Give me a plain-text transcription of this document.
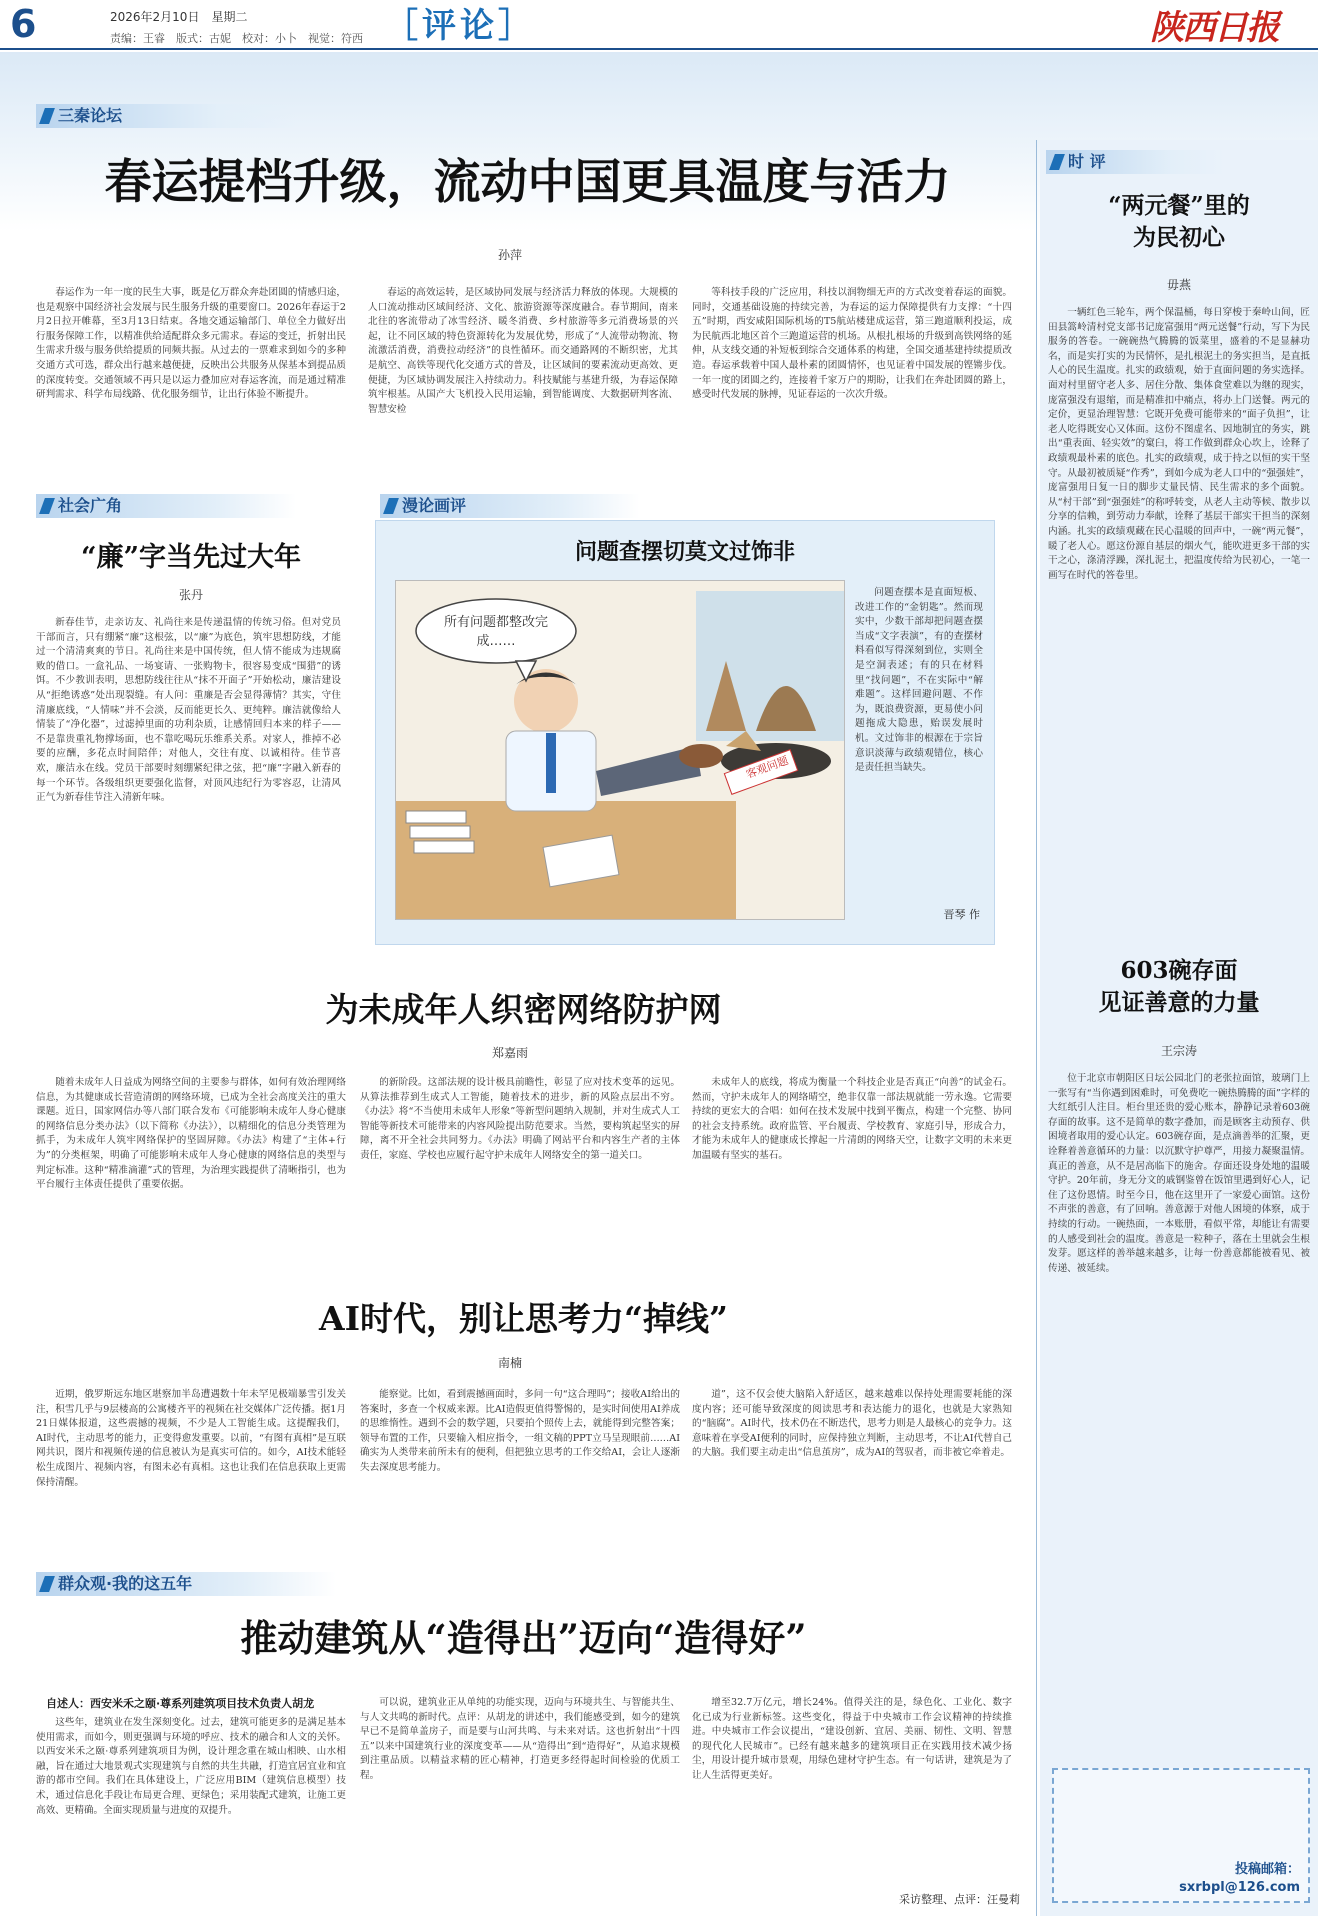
6	2026年2月10日　星期二
责编：王睿　版式：古妮　校对：小卜　视觉：符西 ［评论］	陕西日报
三秦论坛
春运提档升级，流动中国更具温度与活力
孙萍
春运作为一年一度的民生大事，既是亿万群众奔赴团圆的情感归途，也是观察中国经济社会发展与民生服务升级的重要窗口。2026年春运于2月2日拉开帷幕，至3月13日结束。各地交通运输部门、单位全力做好出行服务保障工作，以精准供给适配群众多元需求。春运的变迁，折射出民生需求升级与服务供给提质的同频共振。从过去的一票难求到如今的多种交通方式可选，群众出行越来越便捷，反映出公共服务从保基本到提品质的深度转变。交通领域不再只是以运力叠加应对春运客流，而是通过精准研判需求、科学布局线路、优化服务细节，让出行体验不断提升。
春运的高效运转，是区域协同发展与经济活力释放的体现。大规模的人口流动推动区域间经济、文化、旅游资源等深度融合。春节期间，南来北往的客流带动了冰雪经济、暖冬消费、乡村旅游等多元消费场景的兴起，让不同区域的特色资源转化为发展优势，形成了“人流带动物流、物流激活消费，消费拉动经济”的良性循环。而交通路网的不断织密，尤其是航空、高铁等现代化交通方式的普及，让区域间的要素流动更高效、更便捷，为区域协调发展注入持续动力。科技赋能与基建升级，为春运保障筑牢根基。从国产大飞机投入民用运输，到智能调度、大数据研判客流、智慧安检
等科技手段的广泛应用，科技以润物细无声的方式改变着春运的面貌。同时，交通基础设施的持续完善，为春运的运力保障提供有力支撑：“十四五”时期，西安咸阳国际机场的T5航站楼建成运营，第三跑道顺利投运，成为民航西北地区首个三跑道运营的机场。从根扎根场的升级到高铁网络的延伸，从支线交通的补短板到综合交通体系的构建，全国交通基建持续提质改造。春运承载着中国人最朴素的团圆情怀，也见证着中国发展的铿锵步伐。一年一度的团圆之约，连接着千家万户的期盼，让我们在奔赴团圆的路上，感受时代发展的脉搏，见证春运的一次次升级。
社会广角
“廉”字当先过大年
张丹
新春佳节，走亲访友、礼尚往来是传递温情的传统习俗。但对党员干部而言，只有绷紧“廉”这根弦，以“廉”为底色，筑牢思想防线，才能过一个清清爽爽的节日。礼尚往来是中国传统，但人情不能成为违规腐败的借口。一盒礼品、一场宴请、一张购物卡，很容易变成“围猎”的诱饵。不少教训表明，思想防线往往从“抹不开面子”开始松动，廉洁建设从“拒绝诱惑”处出现裂缝。有人问：重廉是否会显得薄情？其实，守住清廉底线，“人情味”并不会淡，反而能更长久、更纯粹。廉洁就像给人情装了“净化器”，过滤掉里面的功利杂质，让感情回归本来的样子——不是靠贵重礼物撑场面，也不靠吃喝玩乐维系关系。对家人，推掉不必要的应酬，多花点时间陪伴；对他人，交往有度、以诚相待。佳节喜欢，廉洁永在线。党员干部要时刻绷紧纪律之弦，把“廉”字融入新春的每一个环节。各级组织更要强化监督，对顶风违纪行为零容忍，让清风正气为新春佳节注入清新年味。
漫论画评
问题查摆切莫文过饰非
所有问题都整改完成……
客观问题
问题查摆本是直面短板、改进工作的“金钥匙”。然而现实中，少数干部却把问题查摆当成“文字表演”，有的查摆材料看似写得深刻到位，实则全是空洞表述；有的只在材料里“找问题”，不在实际中“解难题”。这样回避问题、不作为，既浪费资源，更易使小问题拖成大隐患，贻误发展时机。文过饰非的根源在于宗旨意识淡薄与政绩观错位，核心是责任担当缺失。
晋琴 作
为未成年人织密网络防护网
郑嘉雨
随着未成年人日益成为网络空间的主要参与群体，如何有效治理网络信息，为其健康成长营造清朗的网络环境，已成为全社会高度关注的重大课题。近日，国家网信办等八部门联合发布《可能影响未成年人身心健康的网络信息分类办法》（以下简称《办法》），以精细化的信息分类管理为抓手，为未成年人筑牢网络保护的坚固屏障。《办法》构建了“主体+行为”的分类框架，明确了可能影响未成年人身心健康的网络信息的类型与判定标准。这种“精准滴灌”式的管理，为治理实践提供了清晰指引，也为平台履行主体责任提供了重要依据。
的新阶段。这部法规的设计极具前瞻性，彰显了应对技术变革的远见。从算法推荐到生成式人工智能，随着技术的进步，新的风险点层出不穷。《办法》将“不当使用未成年人形象”等新型问题纳入规制，并对生成式人工智能等新技术可能带来的内容风险提出防范要求。当然，要构筑起坚实的屏障，离不开全社会共同努力。《办法》明确了网站平台和内容生产者的主体责任，家庭、学校也应履行起守护未成年人网络安全的第一道关口。
未成年人的底线，将成为衡量一个科技企业是否真正“向善”的试金石。然而，守护未成年人的网络晴空，绝非仅靠一部法规就能一劳永逸。它需要持续的更宏大的合唱：如何在技术发展中找到平衡点，构建一个完整、协同的社会支持系统。政府监管、平台履责、学校教育、家庭引导，形成合力，才能为未成年人的健康成长撑起一片清朗的网络天空，让数字文明的未来更加温暖有坚实的基石。
AI时代，别让思考力“掉线”
南楠
近期，俄罗斯远东地区堪察加半岛遭遇数十年未罕见极端暴雪引发关注，积雪几乎与9层楼高的公寓楼齐平的视频在社交媒体广泛传播。据1月21日媒体报道，这些震撼的视频，不少是人工智能生成。这提醒我们，AI时代，主动思考的能力，正变得愈发重要。以前，“有图有真相”是互联网共识，图片和视频传递的信息被认为是真实可信的。如今，AI技术能轻松生成图片、视频内容，有图未必有真相。这也让我们在信息获取上更需保持清醒。
能察觉。比如，看到震撼画面时，多问一句“这合理吗”；接收AI给出的答案时，多查一个权威来源。比AI造假更值得警惕的，是实时间使用AI养成的思维惰性。遇到不会的数学题，只要拍个照传上去，就能得到完整答案；领导布置的工作，只要输入相应指令，一组文稿的PPT立马呈现眼前……AI确实为人类带来前所未有的便利，但把独立思考的工作交给AI，会让人逐渐失去深度思考能力。
道”，这不仅会使大脑陷入舒适区，越来越难以保持处理需要耗能的深度内容；还可能导致深度的阅读思考和表达能力的退化，也就是大家熟知的“脑腐”。AI时代，技术仍在不断迭代，思考力则是人最核心的竞争力。这意味着在享受AI便利的同时，应保持独立判断，主动思考，不让AI代替自己的大脑。我们要主动走出“信息茧房”，成为AI的驾驭者，而非被它牵着走。
群众观·我的这五年
推动建筑从“造得出”迈向“造得好”
自述人：西安米禾之颐·尊系列建筑项目技术负责人胡龙
这些年，建筑业在发生深刻变化。过去，建筑可能更多的是满足基本使用需求，而如今，则更强调与环境的呼应、技术的融合和人文的关怀。以西安米禾之颐·尊系列建筑项目为例，设计理念重在城山相映、山水相融，旨在通过大地景观式实现建筑与自然的共生共融，打造宜居宜业和宜游的都市空间。我们在具体建设上，广泛应用BIM（建筑信息模型）技术，通过信息化手段让布局更合理、更绿色；采用装配式建筑，让施工更高效、更精确。全面实现质量与进度的双提升。
可以说，建筑业正从单纯的功能实现，迈向与环境共生、与智能共生、与人文共鸣的新时代。点评：从胡龙的讲述中，我们能感受到，如今的建筑早已不是简单盖房子，而是要与山河共鸣、与未来对话。这也折射出“十四五”以来中国建筑行业的深度变革——从“造得出”到“造得好”，从追求规模到注重品质。以精益求精的匠心精神，打造更多经得起时间检验的优质工程。
增至32.7万亿元，增长24%。值得关注的是，绿色化、工业化、数字化已成为行业新标签。这些变化，得益于中央城市工作会议精神的持续推进。中央城市工作会议提出，“建设创新、宜居、美丽、韧性、文明、智慧的现代化人民城市”。已经有越来越多的建筑项目正在实践用技术减少扬尘，用设计提升城市景观，用绿色建材守护生态。有一句话讲，建筑是为了让人生活得更美好。
采访整理、点评：汪曼莉
时 评
“两元餐”里的
为民初心
毋燕
一辆红色三轮车，两个保温桶，每日穿梭于秦岭山间，匠田县篙岭清村党支部书记庞富强用“两元送餐”行动，写下为民服务的答卷。一碗碗热气腾腾的饭菜里，盛着的不是显赫功名，而是实打实的为民情怀，是扎根泥土的务实担当，是直抵人心的民生温度。扎实的政绩观，始于直面问题的务实选择。面对村里留守老人多、居住分散、集体食堂难以为继的现实，庞富强没有退缩，而是精准扣中痛点，将办上门送餐。两元的定价，更显治理智慧：它既开免费可能带来的“面子负担”，让老人吃得既安心又体面。这份不图虚名、因地制宜的务实，跳出“重表面、轻实效”的窠臼，将工作做到群众心坎上，诠释了政绩观最朴素的底色。扎实的政绩观，成于持之以恒的实干坚守。从最初被质疑“作秀”，到如今成为老人口中的“强强娃”，庞富强用日复一日的脚步丈量民情、民生需求的多个面貌。从“村干部”到“强强娃”的称呼转变，从老人主动等候、散步以分享的信赖，到劳动力奉献，诠释了基层干部实干担当的深刻内涵。扎实的政绩观藏在民心温暖的回声中，一碗“两元餐”，暖了老人心。愿这份源自基层的烟火气，能吹进更多干部的实干之心，涤清浮躁，深扎泥土，把温度传给为民初心，一笔一画写在时代的答卷里。
603碗存面
见证善意的力量
王宗涛
位于北京市朝阳区日坛公园北门的老张拉面馆，玻璃门上一张写有“当你遇到困难时，可免费吃一碗热腾腾的面”字样的大红纸引人注目。柜台里还贵的爱心账本，静静记录着603碗存面的故事。这不是简单的数字叠加，而是顾客主动预存、供困境者取用的爱心认定。603碗存面，是点滴善举的汇聚，更诠释着善意循环的力量：以沉默守护尊严，用接力凝聚温情。真正的善意，从不是居高临下的施舍。存面还设身处地的温暖守护。20年前，身无分文的戚钢鉴曾在饭馆里遇到好心人，记住了这份恩情。时至今日，他在这里开了一家爱心面馆。这份不声张的善意，有了回响。善意源于对他人困境的体察，成于持续的行动。一碗热面，一本账册，看似平常，却能让有需要的人感受到社会的温度。善意是一粒种子，落在土里就会生根发芽。愿这样的善举越来越多，让每一份善意都能被看见、被传递、被延续。
投稿邮箱：
sxrbpl@126.com
